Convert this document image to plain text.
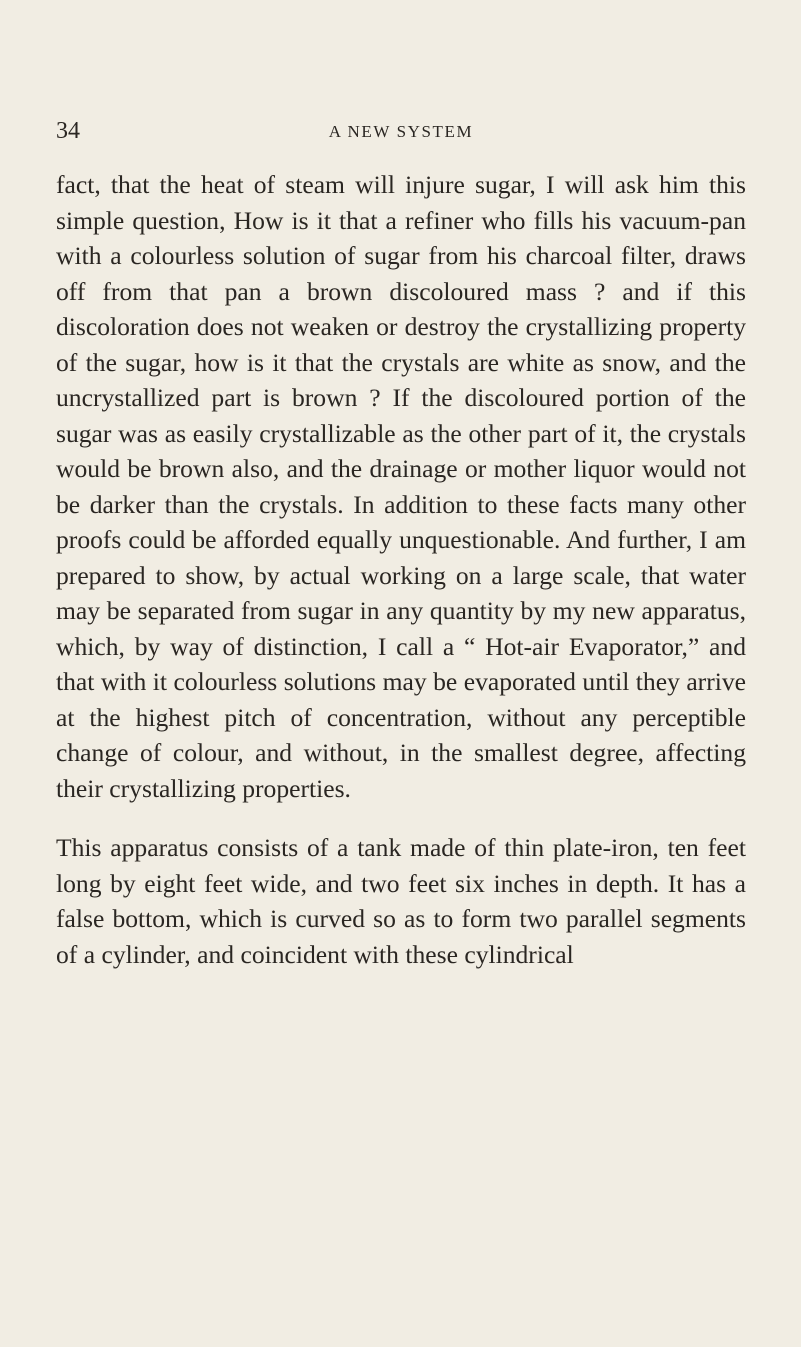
34	A NEW SYSTEM

fact, that the heat of steam will injure sugar, I will ask him this simple question, How is it that a refiner who fills his vacuum-pan with a colourless solution of sugar from his charcoal filter, draws off from that pan a brown discoloured mass ? and if this discoloration does not weaken or destroy the crystallizing property of the sugar, how is it that the crystals are white as snow, and the uncrystallized part is brown ? If the discoloured portion of the sugar was as easily crystallizable as the other part of it, the crystals would be brown also, and the drainage or mother liquor would not be darker than the crystals. In addition to these facts many other proofs could be afforded equally unquestionable. And further, I am prepared to show, by actual working on a large scale, that water may be separated from sugar in any quantity by my new apparatus, which, by way of distinction, I call a “ Hot-air Evaporator,” and that with it colourless solutions may be evaporated until they arrive at the highest pitch of concentration, without any perceptible change of colour, and without, in the smallest degree, affecting their crystallizing properties.

This apparatus consists of a tank made of thin plate-iron, ten feet long by eight feet wide, and two feet six inches in depth. It has a false bottom, which is curved so as to form two parallel segments of a cylinder, and coincident with these cylindrical
